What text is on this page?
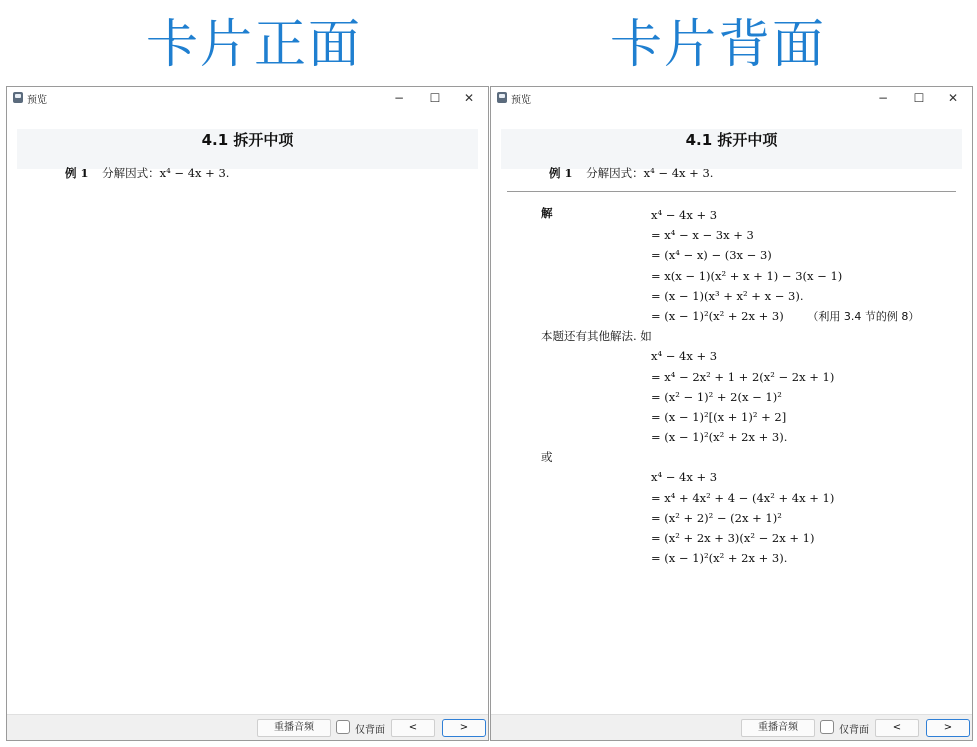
卡片正面	卡片背面
预览	−	☐	✕
4.1 拆开中项
例 1 分解因式：x⁴ − 4x + 3.
重播音频	仅背面	<	>
预览	−	☐	✕
4.1 拆开中项
例 1 分解因式：x⁴ − 4x + 3.
解	x⁴ − 4x + 3
= x⁴ − x − 3x + 3
= (x⁴ − x) − (3x − 3)
= x(x − 1)(x² + x + 1) − 3(x − 1)
= (x − 1)(x³ + x² + x − 3).
= (x − 1)²(x² + 2x + 3) （利用 3.4 节的例 8）
本题还有其他解法. 如
x⁴ − 4x + 3
= x⁴ − 2x² + 1 + 2(x² − 2x + 1)
= (x² − 1)² + 2(x − 1)²
= (x − 1)²[(x + 1)² + 2]
= (x − 1)²(x² + 2x + 3).
或
x⁴ − 4x + 3
= x⁴ + 4x² + 4 − (4x² + 4x + 1)
= (x² + 2)² − (2x + 1)²
= (x² + 2x + 3)(x² − 2x + 1)
= (x − 1)²(x² + 2x + 3).
重播音频	仅背面	<	>
